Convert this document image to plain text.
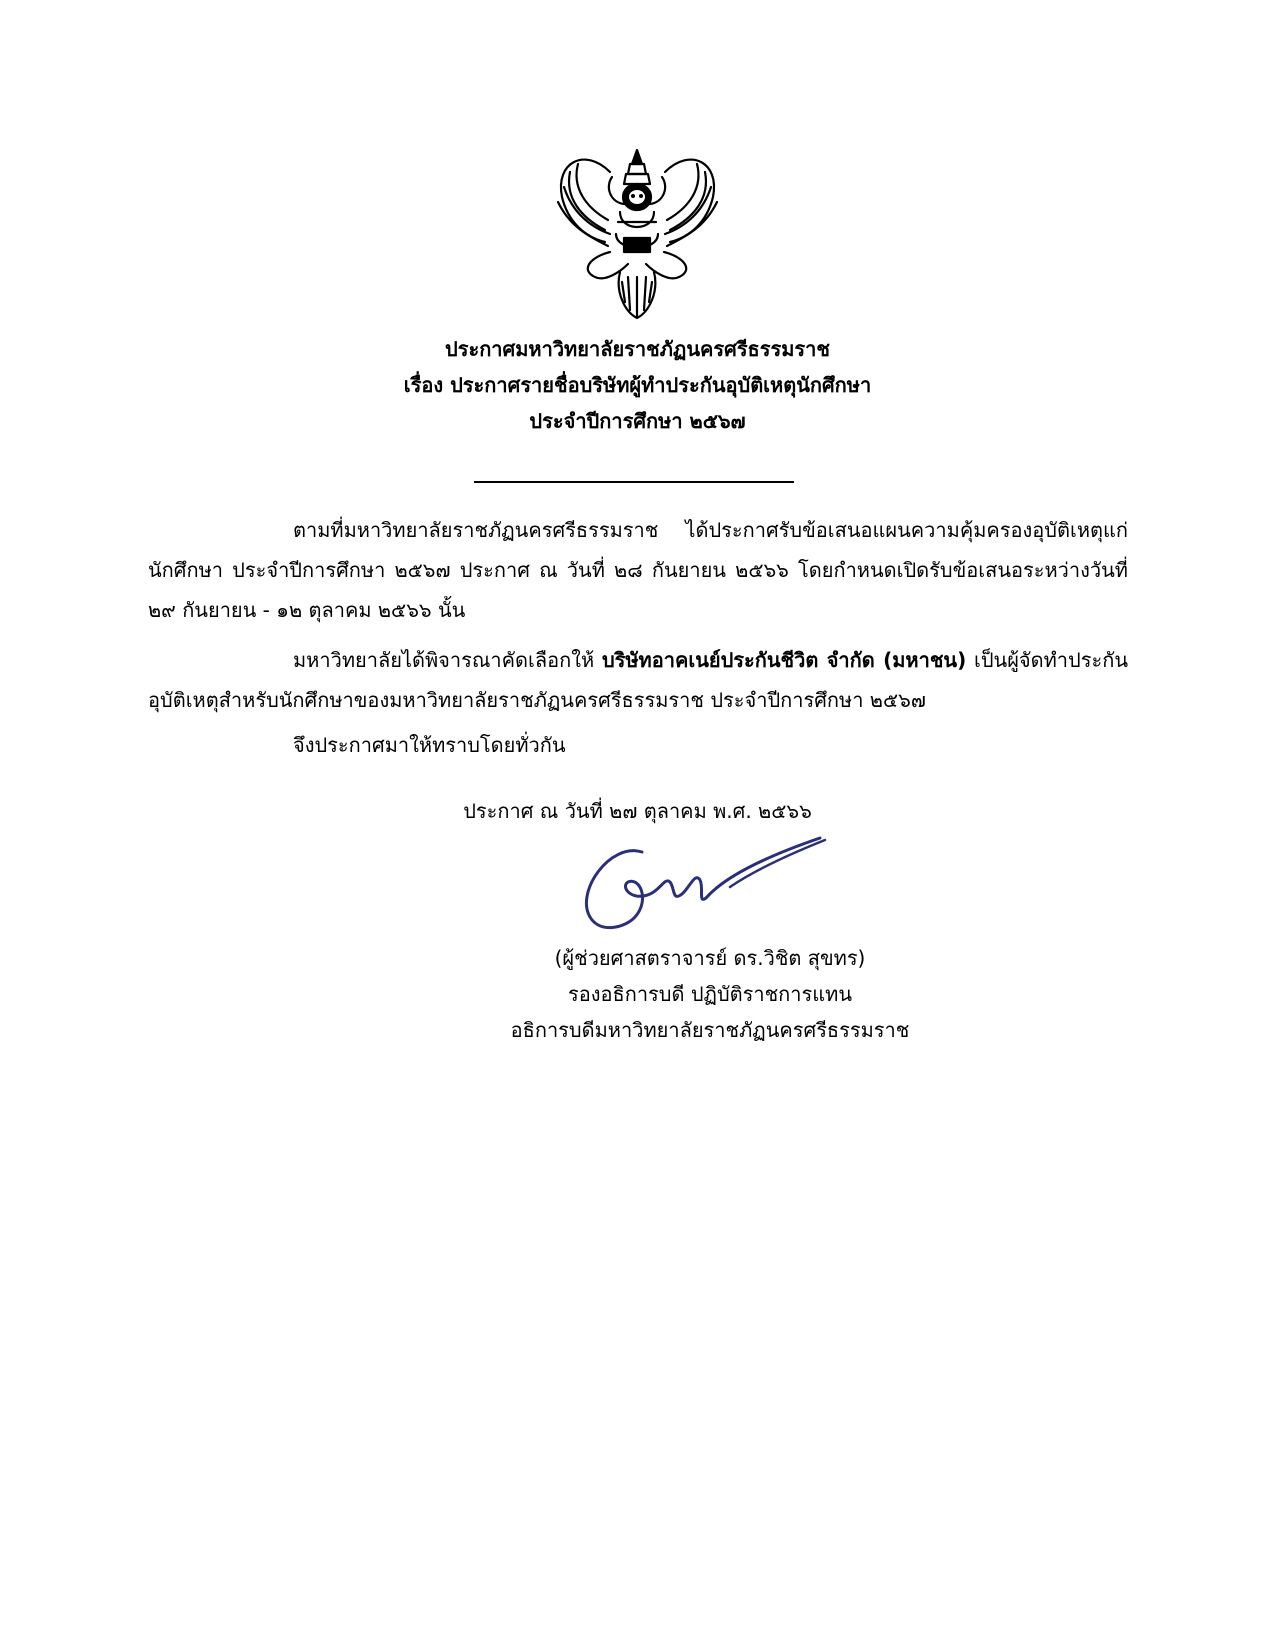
ประกาศมหาวิทยาลัยราชภัฏนครศรีธรรมราช
เรื่อง ประกาศรายชื่อบริษัทผู้ทำประกันอุบัติเหตุนักศึกษา
ประจำปีการศึกษา ๒๕๖๗
ตามที่มหาวิทยาลัยราชภัฏนครศรีธรรมราช ได้ประกาศรับข้อเสนอแผนความคุ้มครองอุบัติเหตุแก่นักศึกษา ประจำปีการศึกษา ๒๕๖๗ ประกาศ ณ วันที่ ๒๘ กันยายน ๒๕๖๖ โดยกำหนดเปิดรับข้อเสนอระหว่างวันที่ ๒๙ กันยายน - ๑๒ ตุลาคม ๒๕๖๖ นั้น
มหาวิทยาลัยได้พิจารณาคัดเลือกให้ บริษัทอาคเนย์ประกันชีวิต จำกัด (มหาชน) เป็นผู้จัดทำประกันอุบัติเหตุสำหรับนักศึกษาของมหาวิทยาลัยราชภัฏนครศรีธรรมราช ประจำปีการศึกษา ๒๕๖๗
จึงประกาศมาให้ทราบโดยทั่วกัน
ประกาศ ณ วันที่ ๒๗ ตุลาคม พ.ศ. ๒๕๖๖
(ผู้ช่วยศาสตราจารย์ ดร.วิชิต สุขทร)
รองอธิการบดี ปฏิบัติราชการแทน
อธิการบดีมหาวิทยาลัยราชภัฏนครศรีธรรมราช
